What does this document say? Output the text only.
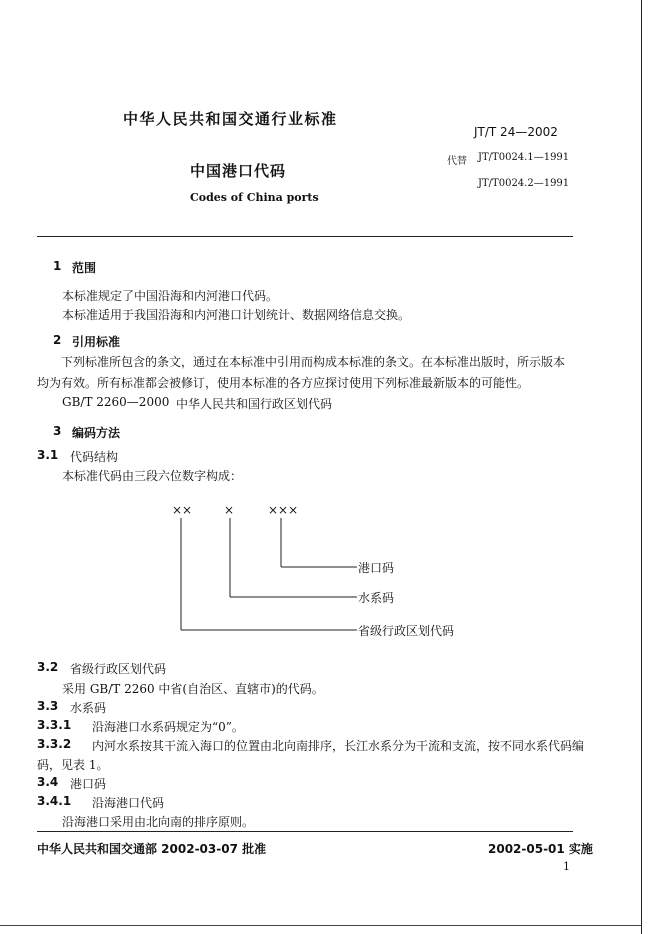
中华人民共和国交通行业标准
JT/T 24—2002
代替 JT/T0024.1—1991
JT/T0024.2—1991
中国港口代码
Codes of China ports
1 范围
本标准规定了中国沿海和内河港口代码。
本标准适用于我国沿海和内河港口计划统计、数据网络信息交换。
2 引用标准
下列标准所包含的条文，通过在本标准中引用而构成本标准的条文。在本标准出版时，所示版本均为有效。所有标准都会被修订，使用本标准的各方应探讨使用下列标准最新版本的可能性。
GB/T 2260—2000 中华人民共和国行政区划代码
3 编码方法
3.1 代码结构
本标准代码由三段六位数字构成：
××	×	×××
港口码
水系码
省级行政区划代码
3.2 省级行政区划代码
采用 GB/T 2260 中省(自治区、直辖市)的代码。
3.3 水系码
3.3.1 沿海港口水系码规定为“0”。
3.3.2 内河水系按其干流入海口的位置由北向南排序，长江水系分为干流和支流，按不同水系代码编
码，见表 1。
3.4 港口码
3.4.1 沿海港口代码
沿海港口采用由北向南的排序原则。
中华人民共和国交通部 2002-03-07 批准	2002-05-01 实施
1
